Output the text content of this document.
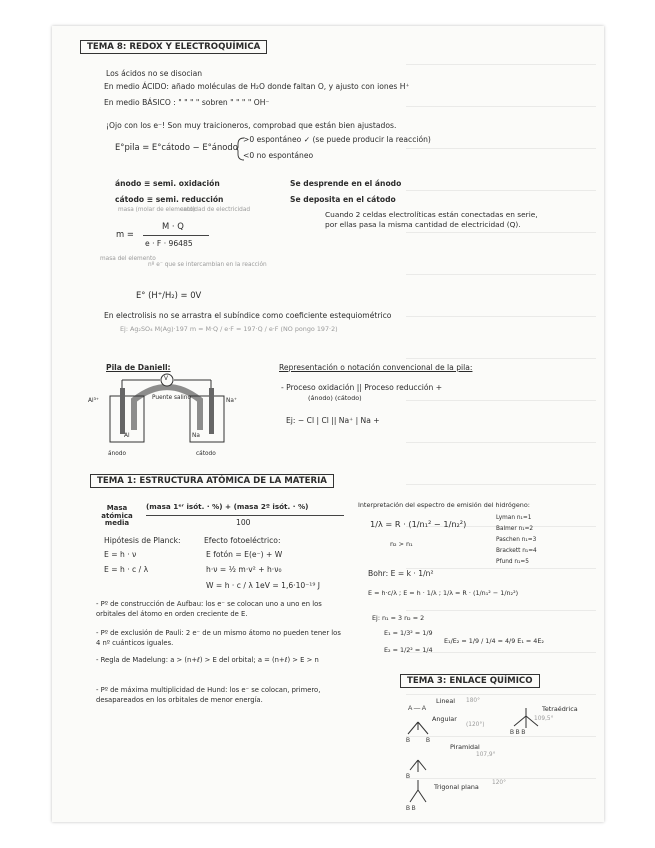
TEMA 8: REDOX Y ELECTROQUÍMICA
Los ácidos no se disocian
En medio ÁCIDO: añado moléculas de H₂O donde faltan O, y ajusto con iones H⁺
En medio BÁSICO : " " " " sobren " " " " OH⁻
¡Ojo con los e⁻! Son muy traicioneros, comprobad que están bien ajustados.
E°pila = E°cátodo − E°ánodo
>0 espontáneo ✓ (se puede producir la reacción)
<0 no espontáneo
ánodo ≡ semi. oxidación
cátodo ≡ semi. reducción
Se desprende en el ánodo
Se deposita en el cátodo
masa (molar de elemento)
cantidad de electricidad
m =
M · Q
e · F · 96485
masa del elemento
nº e⁻ que se intercambian en la reacción
Cuando 2 celdas electrolíticas están conectadas en serie, por ellas pasa la misma cantidad de electricidad (Q).
E° (H⁺/H₂) = 0V
En electrolisis no se arrastra el subíndice como coeficiente estequiométrico
Ej: Ag₂SO₄ M(Ag)·197 m = M·Q / e·F = 197·Q / e·F (NO pongo 197·2)
Pila de Daniell:
V
Puente salino
Al	Na
ánodo	cátodo
Al³⁺	Na⁺
Representación o notación convencional de la pila:
- Proceso oxidación || Proceso reducción +
(ánodo) (cátodo)
Ej: − Cl | Cl || Na⁺ | Na +
TEMA 1: ESTRUCTURA ATÓMICA DE LA MATERIA
Masa atómica media
(masa 1ᵉʳ isót. · %) + (masa 2º isót. · %)
100
Hipótesis de Planck:
E = h · ν
E = h · c / λ
Efecto fotoeléctrico:
E fotón = E(e⁻) + W
h·ν = ½ m·v² + h·ν₀
W = h · c / λ 1eV = 1,6·10⁻¹⁹ J
- Pº de construcción de Aufbau: los e⁻ se colocan uno a uno en los orbitales del átomo en orden creciente de E.
- Pº de exclusión de Pauli: 2 e⁻ de un mismo átomo no pueden tener los 4 nº cuánticos iguales.
- Regla de Madelung: a > (n+ℓ) > E del orbital; a = (n+ℓ) > E > n
- Pº de máxima multiplicidad de Hund: los e⁻ se colocan, primero, desapareados en los orbitales de menor energía.
Interpretación del espectro de emisión del hidrógeno:
1/λ = R · (1/n₁² − 1/n₂²)
n₂ > n₁
Lyman n₁=1
Balmer n₁=2
Paschen n₁=3
Brackett n₁=4
Pfund n₁=5
Bohr: E = k · 1/n²
E = h·c/λ ; E = h · 1/λ ; 1/λ = R · (1/n₁² − 1/n₂²)
Ej: n₁ = 3 n₂ = 2
E₁ = 1/3² = 1/9
E₂ = 1/2² = 1/4
E₁/E₂ = 1/9 / 1/4 = 4/9 E₁ = 4E₂
TEMA 3: ENLACE QUÍMICO
A — A
B	B
B B B
B
B B
Lineal 180°
Angular
(120°)
Tetraédrica
109,5°
Piramidal
107,9°
Trigonal plana 120°
